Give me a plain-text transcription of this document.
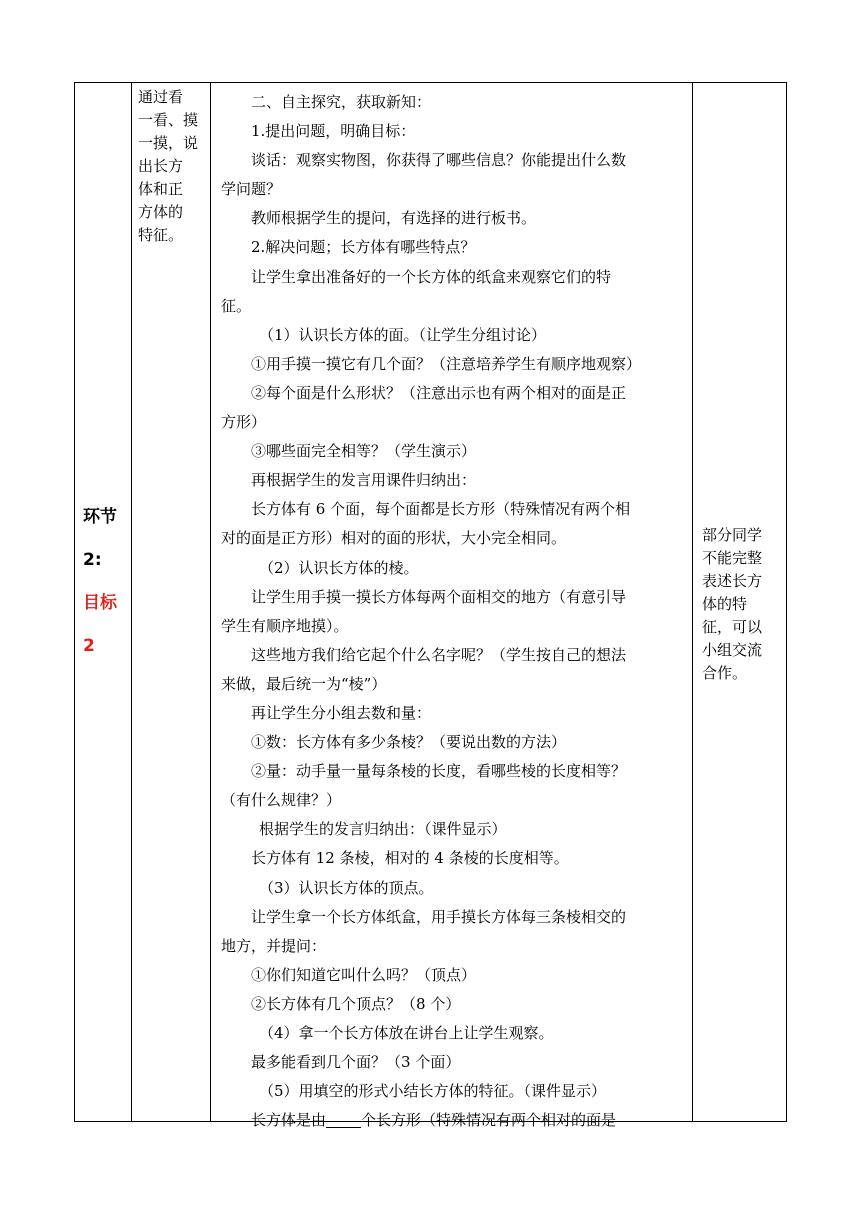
环节
2:
目标
2
通过看
一看、摸
一摸，说
出长方
体和正
方体的
特征。

二、自主探究，获取新知：

1.提出问题，明确目标：

谈话：观察实物图，你获得了哪些信息？你能提出什么数

学问题？

教师根据学生的提问，有选择的进行板书。

2.解决问题；长方体有哪些特点？

让学生拿出准备好的一个长方体的纸盒来观察它们的特

征。

（1）认识长方体的面。（让学生分组讨论）

①用手摸一摸它有几个面？（注意培养学生有顺序地观察）

②每个面是什么形状？（注意出示也有两个相对的面是正

方形）

③哪些面完全相等？（学生演示）

再根据学生的发言用课件归纳出：

长方体有 6 个面，每个面都是长方形（特殊情况有两个相

对的面是正方形）相对的面的形状，大小完全相同。

（2）认识长方体的棱。

让学生用手摸一摸长方体每两个面相交的地方（有意引导

学生有顺序地摸）。

这些地方我们给它起个什么名字呢？（学生按自己的想法

来做，最后统一为“棱”）

再让学生分小组去数和量：

①数：长方体有多少条棱？（要说出数的方法）

②量：动手量一量每条棱的长度，看哪些棱的长度相等？

（有什么规律？）

根据学生的发言归纳出：（课件显示）

长方体有 12 条棱，相对的 4 条棱的长度相等。

（3）认识长方体的顶点。

让学生拿一个长方体纸盒，用手摸长方体每三条棱相交的

地方，并提问：

①你们知道它叫什么吗？（顶点）

②长方体有几个顶点？（8 个）

（4）拿一个长方体放在讲台上让学生观察。

最多能看到几个面？（3 个面）

（5）用填空的形式小结长方体的特征。（课件显示）

长方体是由 个长方形（特殊情况有两个相对的面是

部分同学
不能完整
表述长方
体的特
征，可以
小组交流
合作。
